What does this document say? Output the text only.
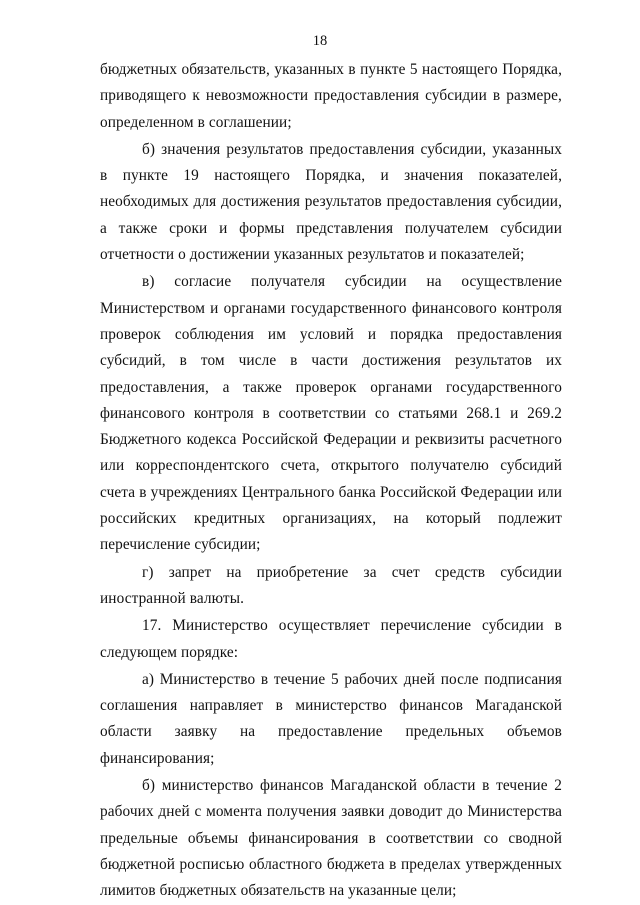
18

бюджетных обязательств, указанных в пункте 5 настоящего Порядка, приводящего к невозможности предоставления субсидии в размере, определенном в соглашении;

б) значения результатов предоставления субсидии, указанных в пункте 19 настоящего Порядка, и значения показателей, необходимых для достижения результатов предоставления субсидии, а также сроки и формы представления получателем субсидии отчетности о достижении указанных результатов и показателей;

в) согласие получателя субсидии на осуществление Министерством и органами государственного финансового контроля проверок соблюдения им условий и порядка предоставления субсидий, в том числе в части достижения результатов их предоставления, а также проверок органами государственного финансового контроля в соответствии со статьями 268.1 и 269.2 Бюджетного кодекса Российской Федерации и реквизиты расчетного или корреспондентского счета, открытого получателю субсидий счета в учреждениях Центрального банка Российской Федерации или российских кредитных организациях, на который подлежит перечисление субсидии;

г) запрет на приобретение за счет средств субсидии иностранной валюты.

17. Министерство осуществляет перечисление субсидии в следующем порядке:

а) Министерство в течение 5 рабочих дней после подписания соглашения направляет в министерство финансов Магаданской области заявку на предоставление предельных объемов финансирования;

б) министерство финансов Магаданской области в течение 2 рабочих дней с момента получения заявки доводит до Министерства предельные объемы финансирования в соответствии со сводной бюджетной росписью областного бюджета в пределах утвержденных лимитов бюджетных обязательств на указанные цели;
